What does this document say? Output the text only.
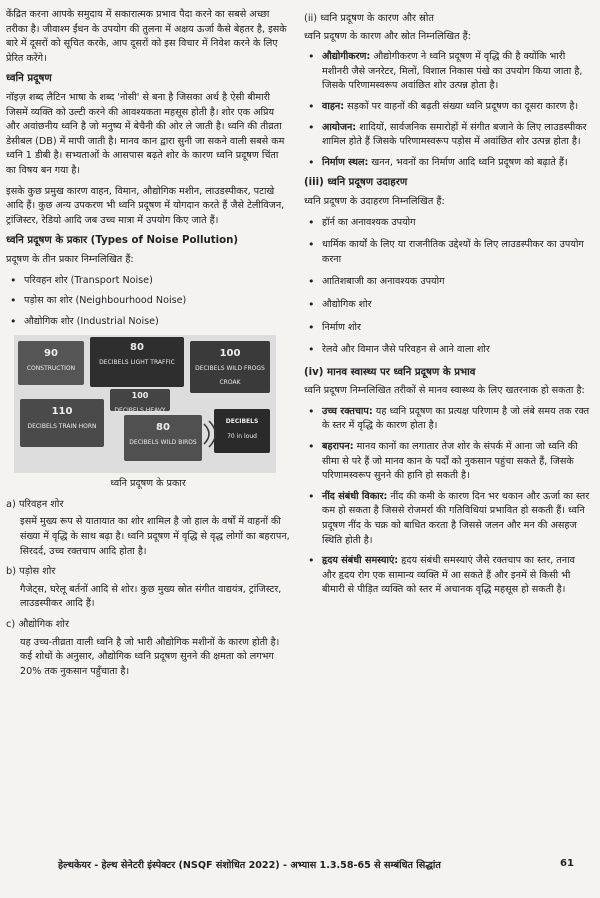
केंद्रित करना आपके समुदाय में सकारात्मक प्रभाव पैदा करने का सबसे अच्छा तरीका है। जीवाश्म ईंधन के उपयोग की तुलना में अक्षय ऊर्जा कैसे बेहतर है, इसके बारे में दूसरों को सूचित करके, आप दूसरों को इस विचार में निवेश करने के लिए प्रेरित करेंगे।

ध्वनि प्रदूषण

नॉइज़ शब्द लैटिन भाषा के शब्द 'नोसी' से बना है जिसका अर्थ है ऐसी बीमारी जिसमें व्यक्ति को उल्टी करने की आवश्यकता महसूस होती है। शोर एक अप्रिय और अवांछनीय ध्वनि है जो मनुष्य में बेचैनी की ओर ले जाती है। ध्वनि की तीव्रता डेसीबल (DB) में मापी जाती है। मानव कान द्वारा सुनी जा सकने वाली सबसे कम ध्वनि 1 डीबी है। सभ्यताओं के आसपास बढ़ते शोर के कारण ध्वनि प्रदूषण चिंता का विषय बन गया है।

इसके कुछ प्रमुख कारण वाहन, विमान, औद्योगिक मशीन, लाउडस्पीकर, पटाखे आदि हैं। कुछ अन्य उपकरण भी ध्वनि प्रदूषण में योगदान करते हैं जैसे टेलीविजन, ट्रांजिस्टर, रेडियो आदि जब उच्च मात्रा में उपयोग किए जाते हैं।

ध्वनि प्रदूषण के प्रकार (Types of Noise Pollution)

प्रदूषण के तीन प्रकार निम्नलिखित हैं:

• परिवहन शोर (Transport Noise)
• पड़ोस का शोर (Neighbourhood Noise)
• औद्योगिक शोर (Industrial Noise)
90
CONSTRUCTION
80
DECIBELS LIGHT TRAFFIC
100
DECIBELS HEAVY
100
DECIBELS WILD FROGS CROAK
110
DECIBELS TRAIN HORN	80
DECIBELS WILD BIRDS
DECIBELS
70 in loud
ध्वनि प्रदूषण के प्रकार
a) परिवहन शोर

इसमें मुख्य रूप से यातायात का शोर शामिल है जो हाल के वर्षों में वाहनों की संख्या में वृद्धि के साथ बढ़ा है। ध्वनि प्रदूषण में वृद्धि से वृद्ध लोगों का बहरापन, सिरदर्द, उच्च रक्तचाप आदि होता है।

b) पड़ोस शोर

गैजेट्स, घरेलू बर्तनों आदि से शोर। कुछ मुख्य स्रोत संगीत वाद्ययंत्र, ट्रांजिस्टर, लाउडस्पीकर आदि हैं।

c) औद्योगिक शोर

यह उच्च-तीव्रता वाली ध्वनि है जो भारी औद्योगिक मशीनों के कारण होती है। कई शोधों के अनुसार, औद्योगिक ध्वनि प्रदूषण सुनने की क्षमता को लगभग 20% तक नुकसान पहुँचाता है।

(ii) ध्वनि प्रदूषण के कारण और स्रोत

ध्वनि प्रदूषण के कारण और स्रोत निम्नलिखित हैं:

• औद्योगीकरण: औद्योगीकरण ने ध्वनि प्रदूषण में वृद्धि की है क्योंकि भारी मशीनरी जैसे जनरेटर, मिलों, विशाल निकास पंखे का उपयोग किया जाता है, जिसके परिणामस्वरूप अवांछित शोर उत्पन्न होता है।
• वाहन: सड़कों पर वाहनों की बढ़ती संख्या ध्वनि प्रदूषण का दूसरा कारण है।
• आयोजन: शादियों, सार्वजनिक समारोहों में संगीत बजाने के लिए लाउडस्पीकर शामिल होते हैं जिसके परिणामस्वरूप पड़ोस में अवांछित शोर उत्पन्न होता है।
• निर्माण स्थल: खनन, भवनों का निर्माण आदि ध्वनि प्रदूषण को बढ़ाते हैं।
(iii) ध्वनि प्रदूषण उदाहरण

ध्वनि प्रदूषण के उदाहरण निम्नलिखित हैं:

• हॉर्न का अनावश्यक उपयोग
• धार्मिक कार्यों के लिए या राजनीतिक उद्देश्यों के लिए लाउडस्पीकर का उपयोग करना
• आतिशबाजी का अनावश्यक उपयोग
• औद्योगिक शोर
• निर्माण शोर
• रेलवे और विमान जैसे परिवहन से आने वाला शोर
(iv) मानव स्वास्थ्य पर ध्वनि प्रदूषण के प्रभाव

ध्वनि प्रदूषण निम्नलिखित तरीकों से मानव स्वास्थ्य के लिए खतरनाक हो सकता है:

• उच्च रक्तचाप: यह ध्वनि प्रदूषण का प्रत्यक्ष परिणाम है जो लंबे समय तक रक्त के स्तर में वृद्धि के कारण होता है।
• बहरापन: मानव कानों का लगातार तेज शोर के संपर्क में आना जो ध्वनि की सीमा से परे हैं जो मानव कान के पर्दों को नुकसान पहुंचा सकते हैं, जिसके परिणामस्वरूप सुनने की हानि हो सकती है।
• नींद संबंधी विकार: नींद की कमी के कारण दिन भर थकान और ऊर्जा का स्तर कम हो सकता है जिससे रोजमर्रा की गतिविधियां प्रभावित हो सकती हैं। ध्वनि प्रदूषण नींद के चक्र को बाधित करता है जिससे जलन और मन की असहज स्थिति होती है।
• हृदय संबंधी समस्याएं: हृदय संबंधी समस्याएं जैसे रक्तचाप का स्तर, तनाव और हृदय रोग एक सामान्य व्यक्ति में आ सकते हैं और इनमें से किसी भी बीमारी से पीड़ित व्यक्ति को स्तर में अचानक वृद्धि महसूस हो सकती है।
हेल्थकेयर - हेल्थ सेनेटरी इंस्पेक्टर (NSQF संशोधित 2022) - अभ्यास 1.3.58-65 से सम्बंधित सिद्धांत	61
